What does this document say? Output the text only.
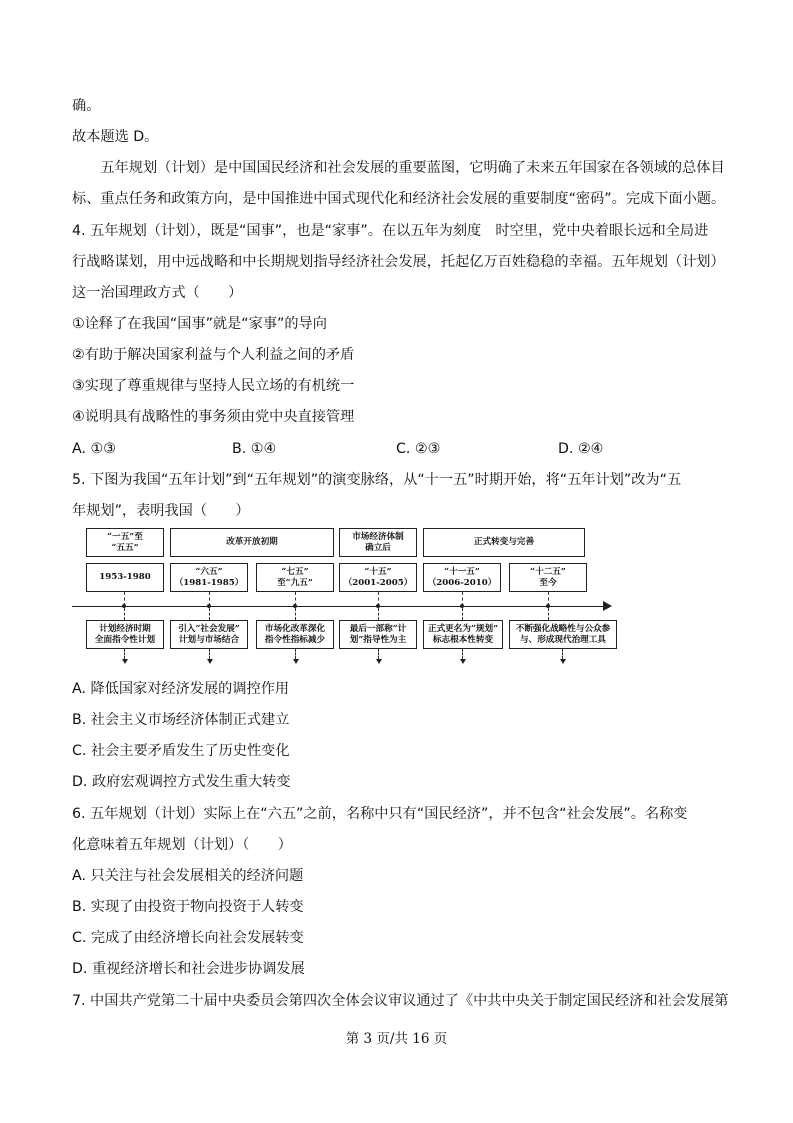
确。
故本题选 D。
　　五年规划（计划）是中国国民经济和社会发展的重要蓝图，它明确了未来五年国家在各领域的总体目
标、重点任务和政策方向，是中国推进中国式现代化和经济社会发展的重要制度“密码”。完成下面小题。
4. 五年规划（计划），既是“国事”，也是“家事”。在以五年为刻度　时空里，党中央着眼长远和全局进
行战略谋划，用中远战略和中长期规划指导经济社会发展，托起亿万百姓稳稳的幸福。五年规划（计划）
这一治国理政方式（　　）
①诠释了在我国“国事”就是“家事”的导向
②有助于解决国家利益与个人利益之间的矛盾
③实现了尊重规律与坚持人民立场的有机统一
④说明具有战略性的事务须由党中央直接管理
A. ①③	B. ①④	C. ②③	D. ②④
5. 下图为我国“五年计划”到“五年规划”的演变脉络，从“十一五”时期开始，将“五年计划”改为“五
年规划”，表明我国（　　）
“一五”至
“五五”
改革开放初期
市场经济体制
确立后
正式转变与完善
1953-1980
“六五”
（1981-1985）
“七五”
至“九五”
“十五”
（2001-2005）
“十一五”
（2006-2010）
“十二五”
至今
计划经济时期
全面指令性计划
引入“社会发展”
计划与市场结合
市场化改革深化
指令性指标减少
最后一部称“计
划”指导性为主
正式更名为“规划”
标志根本性转变
不断强化战略性与公众参
与、形成现代治理工具
A. 降低国家对经济发展的调控作用
B. 社会主义市场经济体制正式建立
C. 社会主要矛盾发生了历史性变化
D. 政府宏观调控方式发生重大转变
6. 五年规划（计划）实际上在“六五”之前，名称中只有“国民经济”，并不包含“社会发展”。名称变
化意味着五年规划（计划）（　　）
A. 只关注与社会发展相关的经济问题
B. 实现了由投资于物向投资于人转变
C. 完成了由经济增长向社会发展转变
D. 重视经济增长和社会进步协调发展
7. 中国共产党第二十届中央委员会第四次全体会议审议通过了《中共中央关于制定国民经济和社会发展第
第 3 页/共 16 页
